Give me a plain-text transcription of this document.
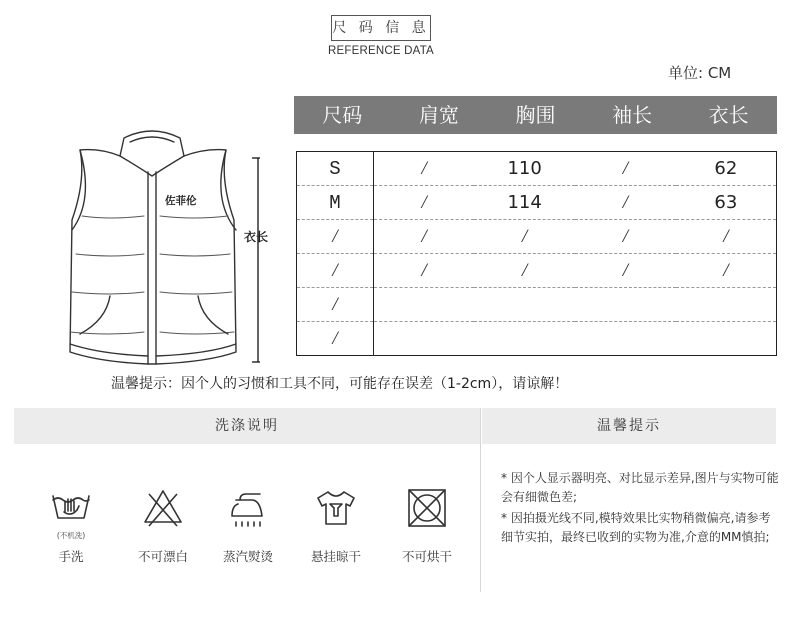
尺 码 信 息
REFERENCE DATA
单位: CM
佐菲伦
衣长
尺码	肩宽	胸围	袖长	衣长
S	/	110	/	62
M	/	114	/	63
/	/	/	/	/
/	/	/	/	/
/				
/				
温馨提示：因个人的习惯和工具不同，可能存在误差（1-2cm），请谅解！
洗涤说明	温馨提示
(不机洗)
手洗	不可漂白	蒸汽熨烫	悬挂晾干	不可烘干
* 因个人显示器明亮、对比显示差异,图片与实物可能会有细微色差;
* 因拍摄光线不同,模特效果比实物稍微偏亮,请参考细节实拍，最终已收到的实物为准,介意的MM慎拍;
